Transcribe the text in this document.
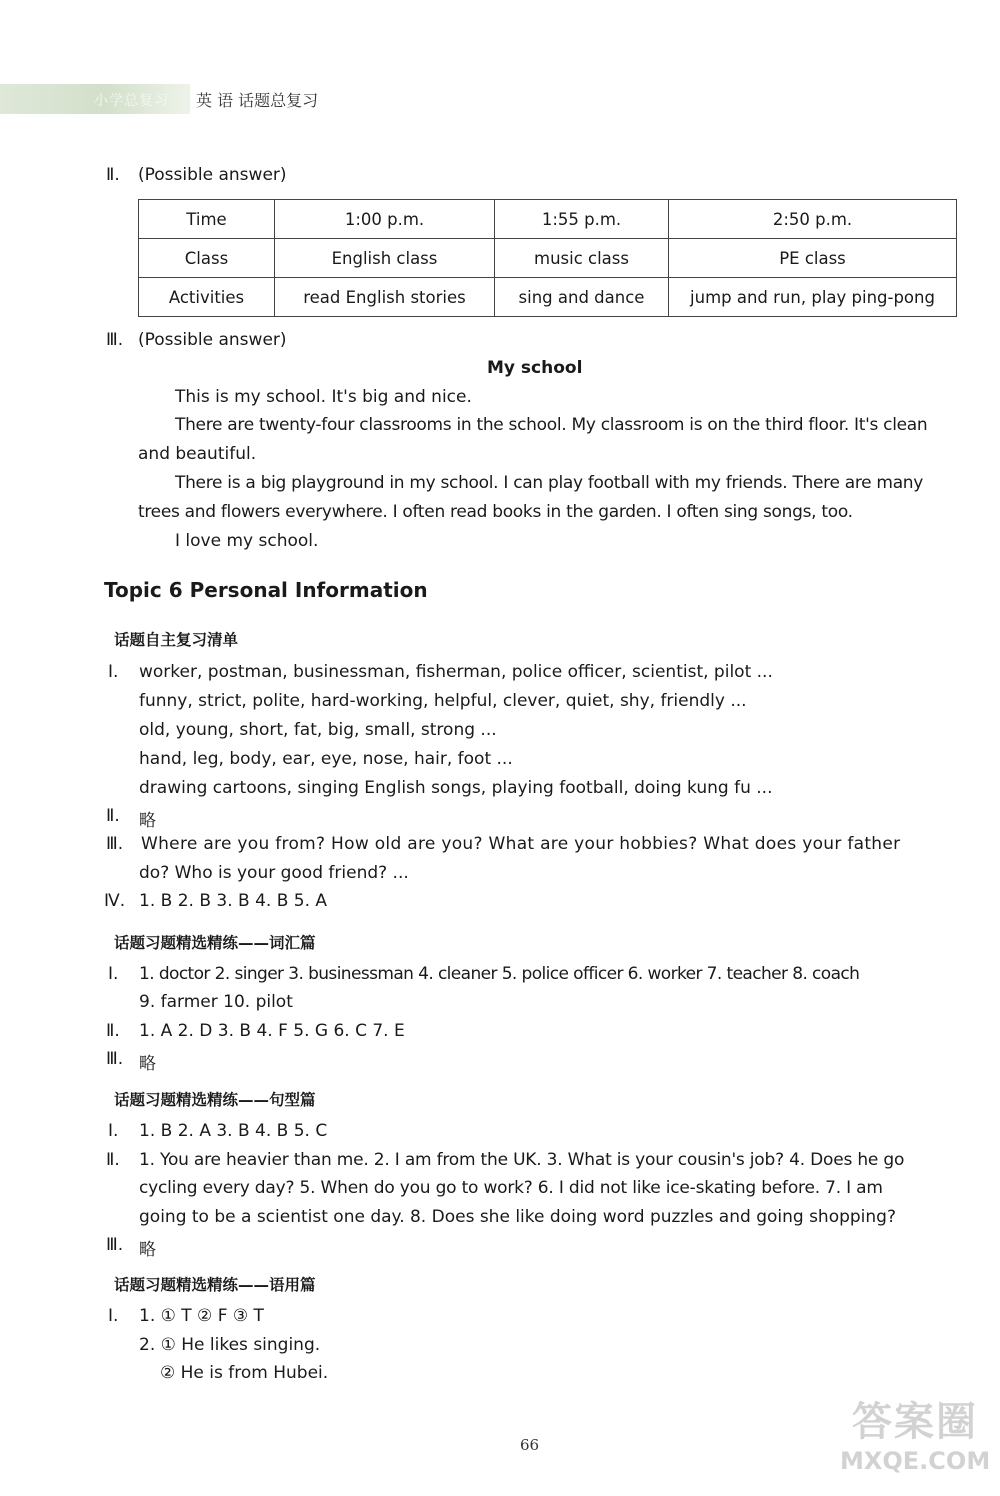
小学总复习 英 语 话题总复习
Ⅱ. (Possible answer)
Time	1:00 p.m.	1:55 p.m.	2:50 p.m.
Class	English class	music class	PE class
Activities	read English stories	sing and dance	jump and run, play ping-pong
Ⅲ. (Possible answer)
My school
This is my school. It's big and nice.
There are twenty-four classrooms in the school. My classroom is on the third floor. It's clean
and beautiful.
There is a big playground in my school. I can play football with my friends. There are many
trees and flowers everywhere. I often read books in the garden. I often sing songs, too.
I love my school.
Topic 6 Personal Information
话题自主复习清单
Ⅰ. worker, postman, businessman, fisherman, police officer, scientist, pilot ...
funny, strict, polite, hard-working, helpful, clever, quiet, shy, friendly ...
old, young, short, fat, big, small, strong ...
hand, leg, body, ear, eye, nose, hair, foot ...
drawing cartoons, singing English songs, playing football, doing kung fu ...
Ⅱ. 略
Ⅲ. Where are you from? How old are you? What are your hobbies? What does your father
do? Who is your good friend? ...
Ⅳ. 1. B 2. B 3. B 4. B 5. A
话题习题精选精练——词汇篇
Ⅰ. 1. doctor 2. singer 3. businessman 4. cleaner 5. police officer 6. worker 7. teacher 8. coach
9. farmer 10. pilot
Ⅱ. 1. A 2. D 3. B 4. F 5. G 6. C 7. E
Ⅲ. 略
话题习题精选精练——句型篇
Ⅰ. 1. B 2. A 3. B 4. B 5. C
Ⅱ. 1. You are heavier than me. 2. I am from the UK. 3. What is your cousin's job? 4. Does he go
cycling every day? 5. When do you go to work? 6. I did not like ice-skating before. 7. I am
going to be a scientist one day. 8. Does she like doing word puzzles and going shopping?
Ⅲ. 略
话题习题精选精练——语用篇
Ⅰ. 1. ① T ② F ③ T
2. ① He likes singing.
② He is from Hubei.
66	答案圈
MXQE.COM
